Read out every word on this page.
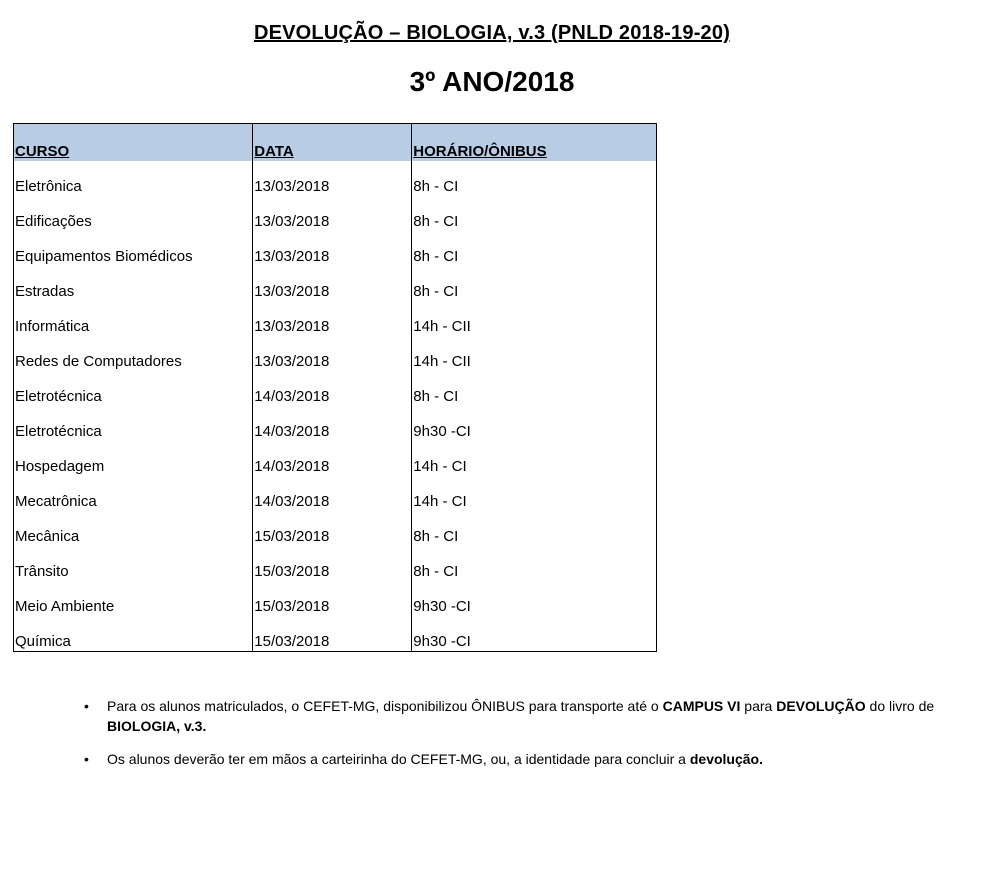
DEVOLUÇÃO – BIOLOGIA, v.3 (PNLD 2018-19-20)
3º ANO/2018
CURSO	DATA	HORÁRIO/ÔNIBUS
Eletrônica	13/03/2018	8h - CI
Edificações	13/03/2018	8h - CI
Equipamentos Biomédicos	13/03/2018	8h - CI
Estradas	13/03/2018	8h - CI
Informática	13/03/2018	14h - CII
Redes de Computadores	13/03/2018	14h - CII
Eletrotécnica	14/03/2018	8h - CI
Eletrotécnica	14/03/2018	9h30 -CI
Hospedagem	14/03/2018	14h - CI
Mecatrônica	14/03/2018	14h - CI
Mecânica	15/03/2018	8h - CI
Trânsito	15/03/2018	8h - CI
Meio Ambiente	15/03/2018	9h30 -CI
Química	15/03/2018	9h30 -CI
• Para os alunos matriculados, o CEFET-MG, disponibilizou ÔNIBUS para transporte até o CAMPUS VI para DEVOLUÇÃO do livro de BIOLOGIA, v.3.
• Os alunos deverão ter em mãos a carteirinha do CEFET-MG, ou, a identidade para concluir a devolução.
